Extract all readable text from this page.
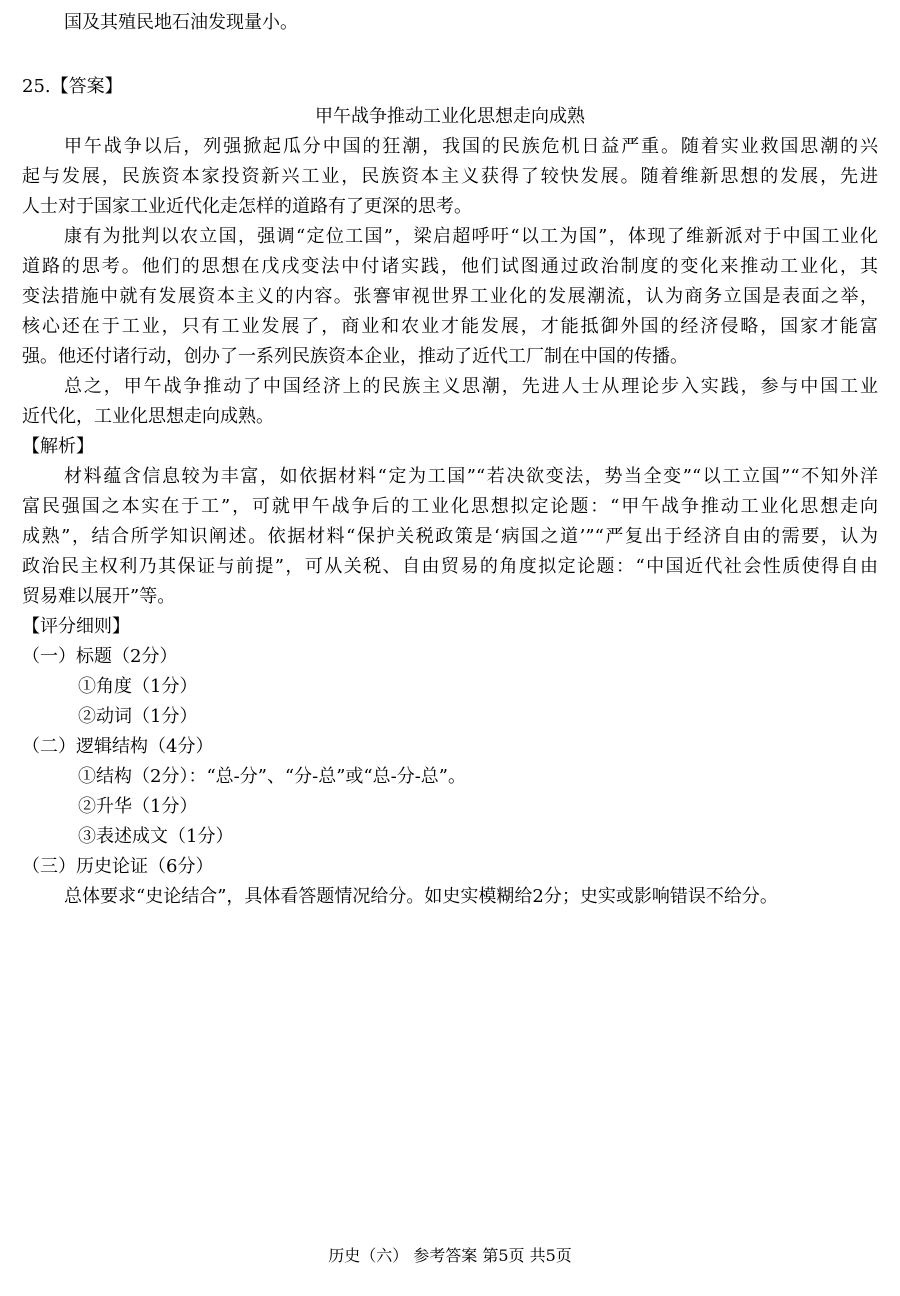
国及其殖民地石油发现量小。
25.【答案】
甲午战争推动工业化思想走向成熟
甲午战争以后，列强掀起瓜分中国的狂潮，我国的民族危机日益严重。随着实业救国思潮的兴
起与发展，民族资本家投资新兴工业，民族资本主义获得了较快发展。随着维新思想的发展，先进
人士对于国家工业近代化走怎样的道路有了更深的思考。
康有为批判以农立国，强调“定位工国”，梁启超呼吁“以工为国”，体现了维新派对于中国工业化
道路的思考。他们的思想在戊戌变法中付诸实践，他们试图通过政治制度的变化来推动工业化，其
变法措施中就有发展资本主义的内容。张謇审视世界工业化的发展潮流，认为商务立国是表面之举，
核心还在于工业，只有工业发展了，商业和农业才能发展，才能抵御外国的经济侵略，国家才能富
强。他还付诸行动，创办了一系列民族资本企业，推动了近代工厂制在中国的传播。
总之，甲午战争推动了中国经济上的民族主义思潮，先进人士从理论步入实践，参与中国工业
近代化，工业化思想走向成熟。
【解析】
材料蕴含信息较为丰富，如依据材料“定为工国”“若决欲变法，势当全变”“以工立国”“不知外洋
富民强国之本实在于工”，可就甲午战争后的工业化思想拟定论题：“甲午战争推动工业化思想走向
成熟”，结合所学知识阐述。依据材料“保护关税政策是‘病国之道’”“严复出于经济自由的需要，认为
政治民主权利乃其保证与前提”，可从关税、自由贸易的角度拟定论题：“中国近代社会性质使得自由
贸易难以展开”等。
【评分细则】
（一）标题（2分）
①角度（1分）
②动词（1分）
（二）逻辑结构（4分）
①结构（2分）：“总-分”、“分-总”或“总-分-总”。
②升华（1分）
③表述成文（1分）
（三）历史论证（6分）
总体要求“史论结合”，具体看答题情况给分。如史实模糊给2分；史实或影响错误不给分。
历史（六） 参考答案 第5页 共5页
